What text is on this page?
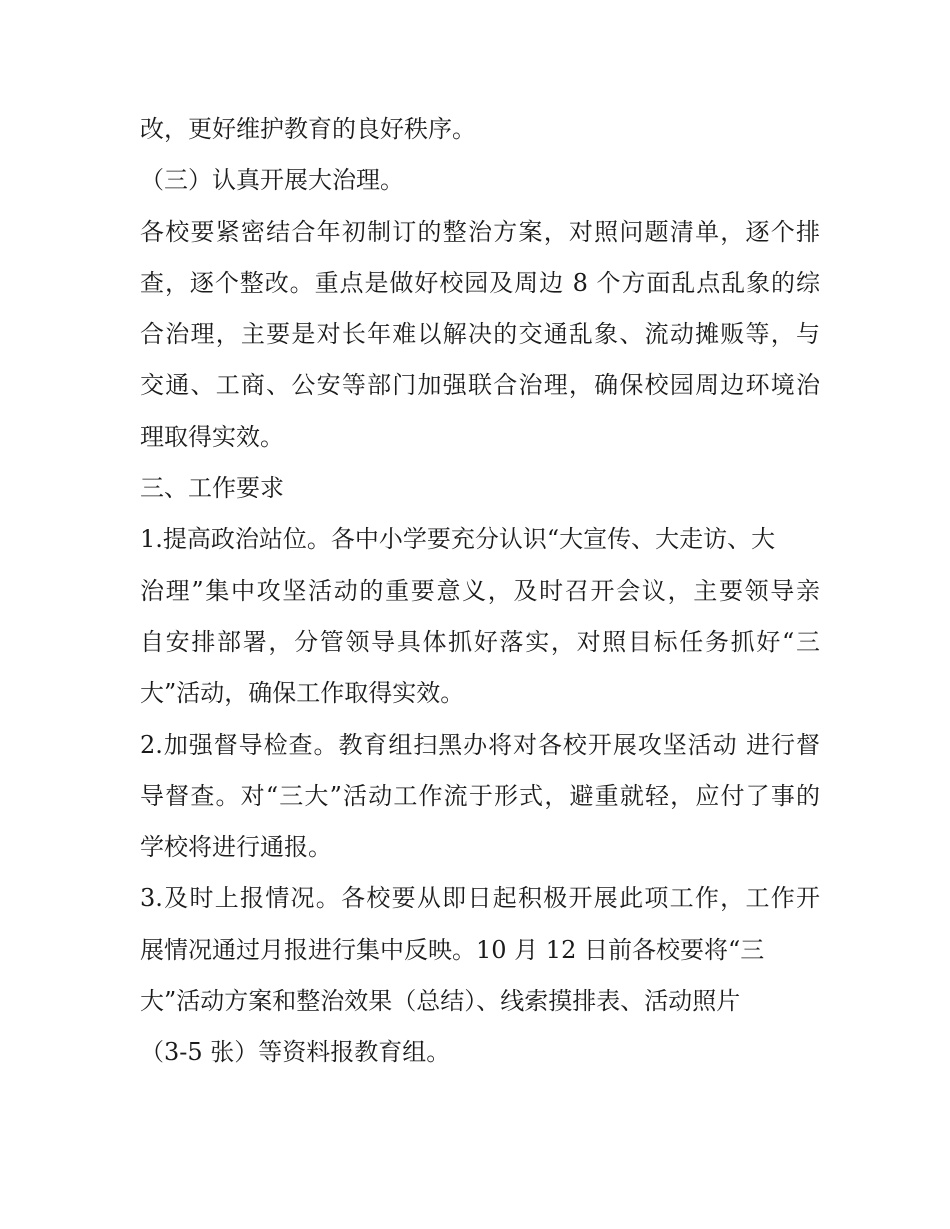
改，更好维护教育的良好秩序。
（三）认真开展大治理。
各校要紧密结合年初制订的整治方案，对照问题清单，逐个排
查，逐个整改。重点是做好校园及周边 8 个方面乱点乱象的综
合治理，主要是对长年难以解决的交通乱象、流动摊贩等，与
交通、工商、公安等部门加强联合治理，确保校园周边环境治
理取得实效。
三、工作要求
1.提高政治站位。各中小学要充分认识“大宣传、大走访、大
治理”集中攻坚活动的重要意义，及时召开会议，主要领导亲
自安排部署，分管领导具体抓好落实，对照目标任务抓好“三
大”活动，确保工作取得实效。
2.加强督导检查。教育组扫黑办将对各校开展攻坚活动 进行督
导督查。对“三大”活动工作流于形式，避重就轻，应付了事的
学校将进行通报。
3.及时上报情况。各校要从即日起积极开展此项工作，工作开
展情况通过月报进行集中反映。10 月 12 日前各校要将“三
大”活动方案和整治效果（总结）、线索摸排表、活动照片
（3-5 张）等资料报教育组。
